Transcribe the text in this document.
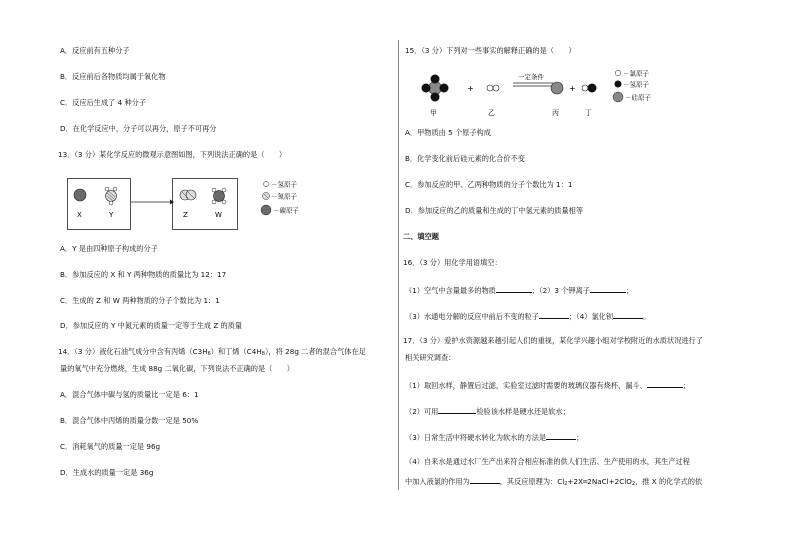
A．反应前有五种分子
B．反应前后各物质均属于氧化物
C．反应后生成了 4 种分子
D．在化学反应中，分子可以再分，原子不可再分
13．（3 分）某化学反应的微观示意图如图，下列说法正确的是（　　）
X	Y	Z	W
－氢原子
－氮原子
－碳原子
A．Y 是由四种原子构成的分子
B．参加反应的 X 和 Y 两种物质的质量比为 12：17
C．生成的 Z 和 W 两种物质的分子个数比为 1：1
D．参加反应的 Y 中氮元素的质量一定等于生成 Z 的质量
14．（3 分）液化石油气成分中含有丙烯$(C3H_6)$和丁烯$(C4H_8)$，将 28g 二者的混合气体在足
量的氧气中充分燃烧，生成 88g 二氧化碳，下列说法不正确的是（　　）
A．混合气体中碳与氢的质量比一定是 6：1
B．混合气体中丙烯的质量分数一定是 50%
C．消耗氧气的质量一定是 96g
D．生成水的质量一定是 36g
15．（3 分）下列对一些事实的解释正确的是（　　）
+
一定条件
+
甲	乙	丙	丁
－氯原子
－氢原子
－硅原子
A．甲物质由 5 个原子构成
B．化学变化前后硅元素的化合价不变
C．参加反应的甲、乙两种物质的分子个数比为 1：1
D．参加反应的乙的质量和生成的丁中氢元素的质量相等
二、填空题
16．（3 分）用化学用语填空：
（1）空气中含量最多的物质	；（2）3 个钾离子	；
（3）水通电分解的反应中前后不变的粒子	；（4）氯化钡	。
17．（3 分）爱护水资源越来越引起人们的重视，某化学兴趣小组对学校附近的水质状况进行了
相关研究调查：
（1）取回水样，静置后过滤，实验室过滤时需要的玻璃仪器有烧杯、漏斗、	；
（2）可用	检验该水样是硬水还是软水；
（3）日常生活中将硬水转化为软水的方法是	；
（4）自来水是通过水厂生产出来符合相应标准的供人们生活、生产使用的水，其生产过程
中加入液氯的作用为	，其反应原理为：$Cl_2+2X═2NaCl+2ClO_2$，推 X 的化学式的依
